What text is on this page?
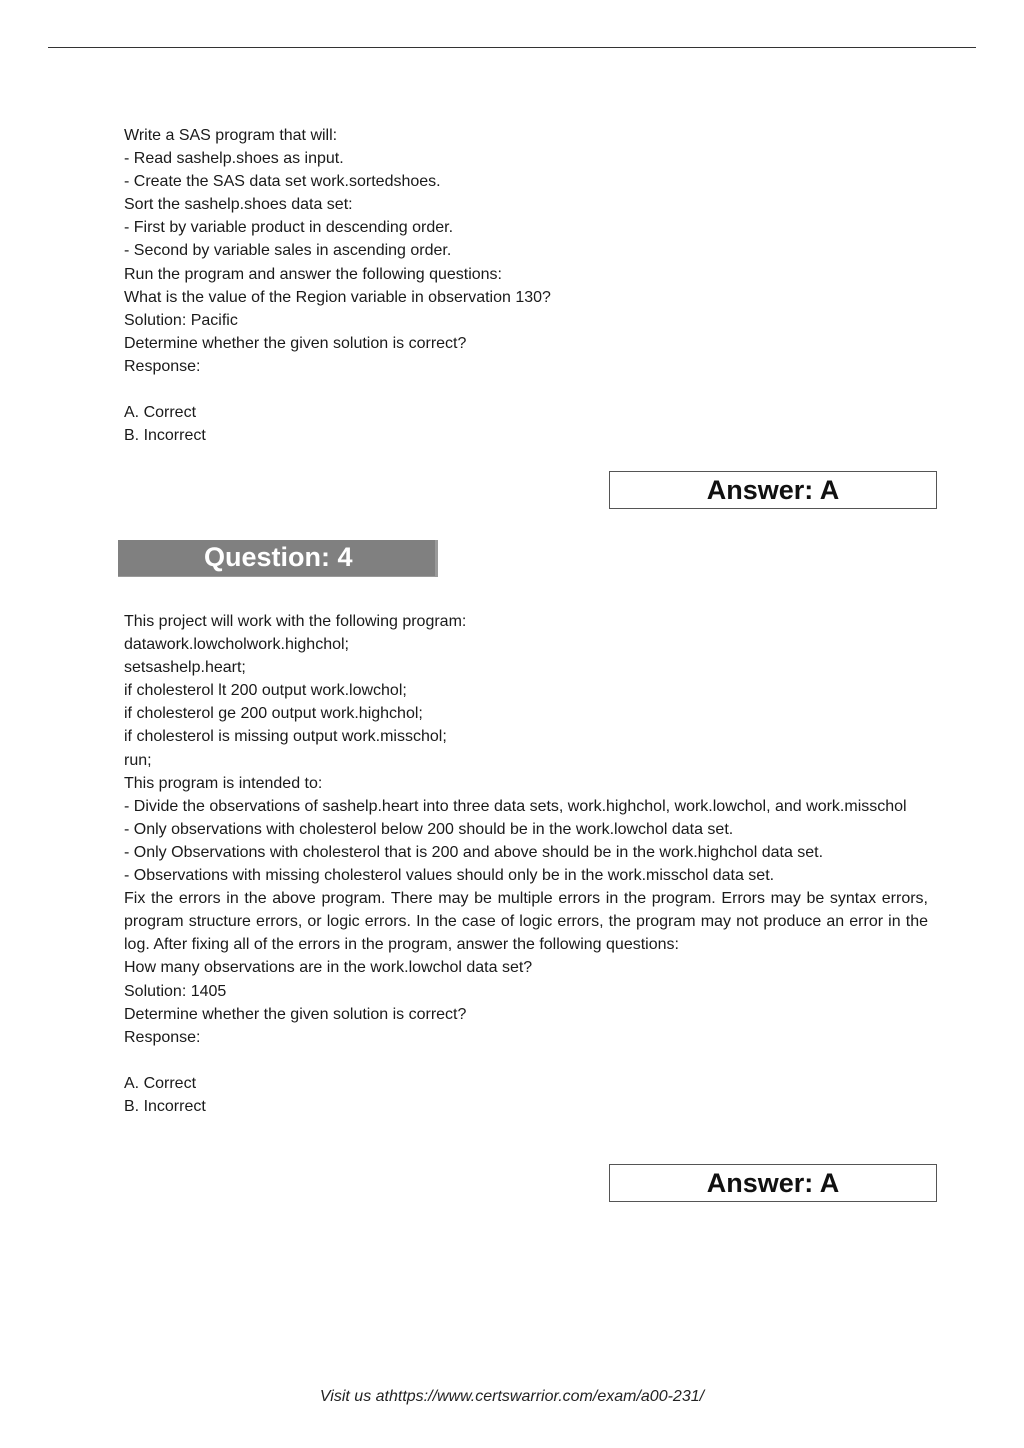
Write a SAS program that will:
- Read sashelp.shoes as input.
- Create the SAS data set work.sortedshoes.
Sort the sashelp.shoes data set:
- First by variable product in descending order.
- Second by variable sales in ascending order.
Run the program and answer the following questions:
What is the value of the Region variable in observation 130?
Solution: Pacific
Determine whether the given solution is correct?
Response:
A. Correct
B. Incorrect
Answer: A
Question: 4
This project will work with the following program:
datawork.lowcholwork.highchol;
setsashelp.heart;
if cholesterol lt 200 output work.lowchol;
if cholesterol ge 200 output work.highchol;
if cholesterol is missing output work.misschol;
run;
This program is intended to:
- Divide the observations of sashelp.heart into three data sets, work.highchol, work.lowchol, and work.misschol
- Only observations with cholesterol below 200 should be in the work.lowchol data set.
- Only Observations with cholesterol that is 200 and above should be in the work.highchol data set.
- Observations with missing cholesterol values should only be in the work.misschol data set.
Fix the errors in the above program. There may be multiple errors in the program. Errors may be syntax errors, program structure errors, or logic errors. In the case of logic errors, the program may not produce an error in the log. After fixing all of the errors in the program, answer the following questions:
How many observations are in the work.lowchol data set?
Solution: 1405
Determine whether the given solution is correct?
Response:
A. Correct
B. Incorrect
Answer: A
Visit us athttps://www.certswarrior.com/exam/a00-231/
